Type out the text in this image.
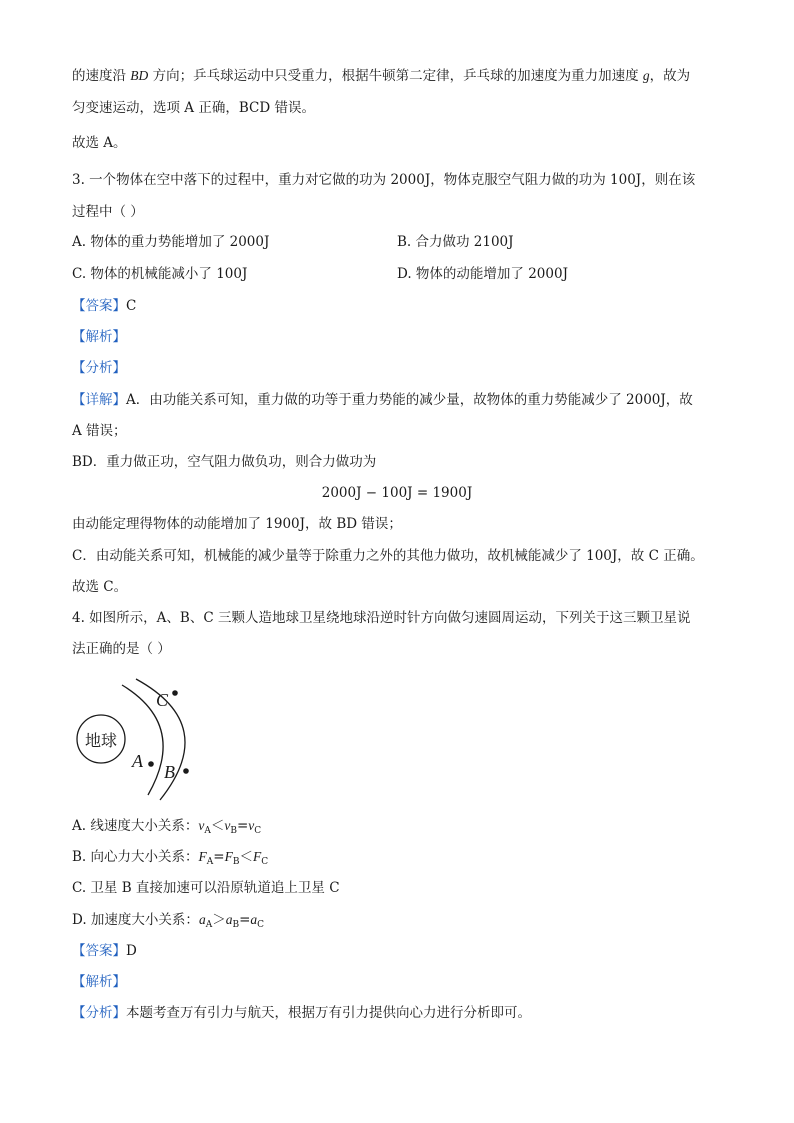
的速度沿 BD 方向；乒乓球运动中只受重力，根据牛顿第二定律，乒乓球的加速度为重力加速度 g，故为
匀变速运动，选项 A 正确，BCD 错误。
故选 A。
3. 一个物体在空中落下的过程中，重力对它做的功为 2000J，物体克服空气阻力做的功为 100J，则在该
过程中（ ）
A. 物体的重力势能增加了 2000J	B. 合力做功 2100J
C. 物体的机械能减小了 100J	D. 物体的动能增加了 2000J
【答案】C
【解析】
【分析】
【详解】A．由功能关系可知，重力做的功等于重力势能的减少量，故物体的重力势能减少了 2000J，故
A 错误；
BD．重力做正功，空气阻力做负功，则合力做功为
2000J − 100J = 1900J
由动能定理得物体的动能增加了 1900J，故 BD 错误；
C．由动能关系可知，机械能的减少量等于除重力之外的其他力做功，故机械能减少了 100J，故 C 正确。
故选 C。
4. 如图所示，A、B、C 三颗人造地球卫星绕地球沿逆时针方向做匀速圆周运动，下列关于这三颗卫星说
法正确的是（ ）
地球
A
C
B
A. 线速度大小关系：$v_A<v_B=v_C$
B. 向心力大小关系：$F_A=F_B<F_C$
C. 卫星 B 直接加速可以沿原轨道追上卫星 C
D. 加速度大小关系：$a_A>a_B=a_C$
【答案】D
【解析】
【分析】本题考查万有引力与航天，根据万有引力提供向心力进行分析即可。
